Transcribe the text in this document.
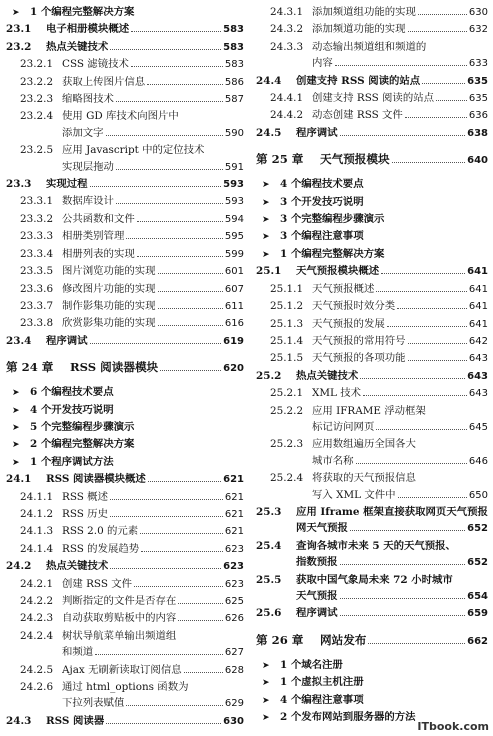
➤ 1 个编程完整解决方案
23.1	电子相册模块概述	583
23.2	热点关键技术	583
23.2.1 CSS 滤镜技术	583
23.2.2 获取上传图片信息	586
23.2.3 缩略图技术	587
23.2.4 使用 GD 库技术向图片中
添加文字	590
23.2.5 应用 Javascript 中的定位技术
实现层拖动	591
23.3	实现过程	593
23.3.1 数据库设计	593
23.3.2 公共函数和文件	594
23.3.3 相册类别管理	595
23.3.4 相册列表的实现	599
23.3.5 图片浏览功能的实现	601
23.3.6 修改图片功能的实现	607
23.3.7 制作影集功能的实现	611
23.3.8 欣赏影集功能的实现	616
23.4	程序调试	619
第 24 章	RSS 阅读器模块	620
➤ 6 个编程技术要点
➤ 4 个开发技巧说明
➤ 5 个完整编程步骤演示
➤ 2 个编程完整解决方案
➤ 1 个程序调试方法
24.1	RSS 阅读器模块概述	621
24.1.1 RSS 概述	621
24.1.2 RSS 历史	621
24.1.3 RSS 2.0 的元素	621
24.1.4 RSS 的发展趋势	623
24.2	热点关键技术	623
24.2.1 创建 RSS 文件	623
24.2.2 判断指定的文件是否存在	625
24.2.3 自动获取剪贴板中的内容	626
24.2.4 树状导航菜单输出频道组
和频道	627
24.2.5 Ajax 无刷新读取订阅信息	628
24.2.6 通过 html_options 函数为
下拉列表赋值	629
24.3	RSS 阅读器	630
24.3.1 添加频道组功能的实现	630
24.3.2 添加频道功能的实现	632
24.3.3 动态输出频道组和频道的
内容	633
24.4	创建支持 RSS 阅读的站点	635
24.4.1 创建支持 RSS 阅读的站点	635
24.4.2 动态创建 RSS 文件	636
24.5	程序调试	638
第 25 章	天气预报模块	640
➤ 4 个编程技术要点
➤ 3 个开发技巧说明
➤ 3 个完整编程步骤演示
➤ 3 个编程注意事项
➤ 1 个编程完整解决方案
25.1	天气预报模块概述	641
25.1.1 天气预报概述	641
25.1.2 天气预报时效分类	641
25.1.3 天气预报的发展	641
25.1.4 天气预报的常用符号	642
25.1.5 天气预报的各项功能	643
25.2	热点关键技术	643
25.2.1 XML 技术	643
25.2.2 应用 IFRAME 浮动框架
标记访问网页	645
25.2.3 应用数组遍历全国各大
城市名称	646
25.2.4 将获取的天气预报信息
写入 XML 文件中	650
25.3	应用 Iframe 框架直接获取网页天气预报
网天气预报	652
25.4	查询各城市未来 5 天的天气预报、
指数预报	652
25.5	获取中国气象局未来 72 小时城市
天气预报	654
25.6	程序调试	659
第 26 章	网站发布	662
➤ 1 个域名注册
➤ 1 个虚拟主机注册
➤ 4 个编程注意事项
➤ 2 个发布网站到服务器的方法
ITbook.com
